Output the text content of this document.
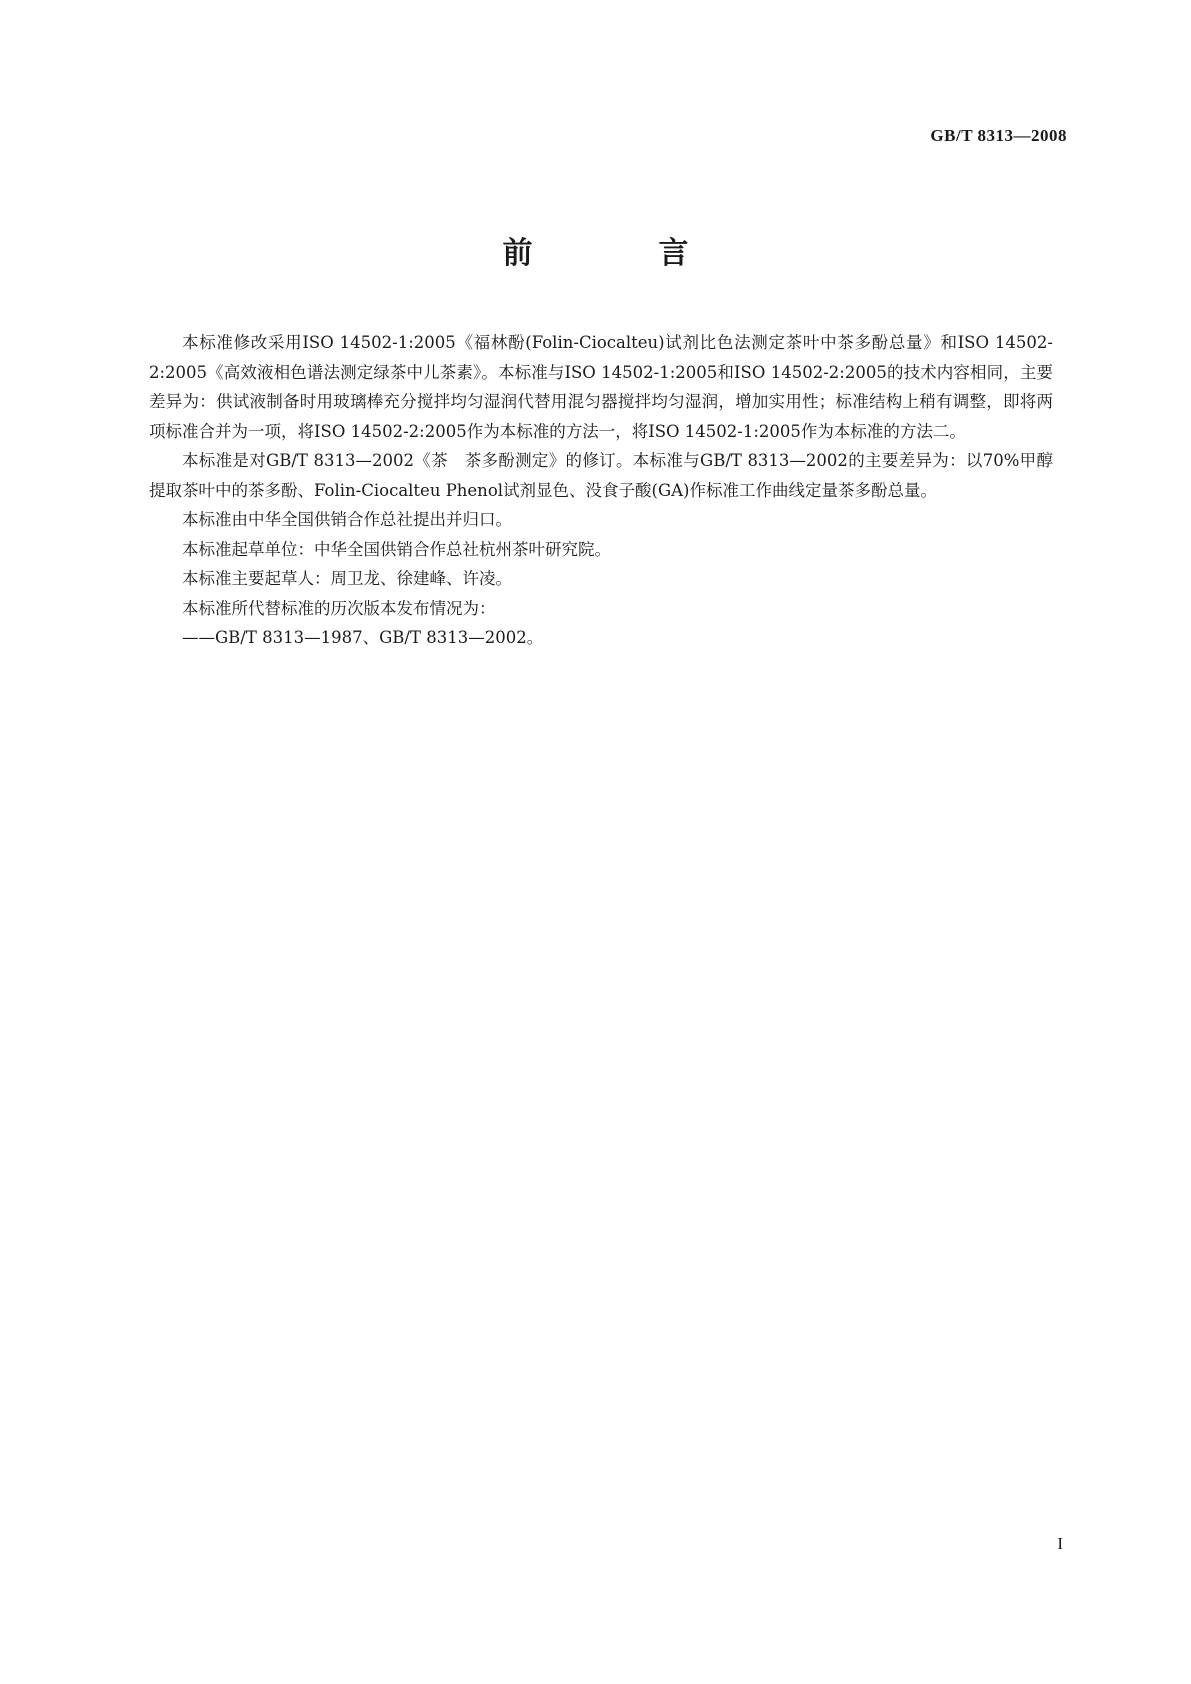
GB/T 8313—2008
前　言

本标准修改采用ISO 14502-1:2005《福林酚(Folin-Ciocalteu)试剂比色法测定茶叶中茶多酚总量》和ISO 14502-2:2005《高效液相色谱法测定绿茶中儿茶素》。本标准与ISO 14502-1:2005和ISO 14502-2:2005的技术内容相同，主要差异为：供试液制备时用玻璃棒充分搅拌均匀湿润代替用混匀器搅拌均匀湿润，增加实用性；标准结构上稍有调整，即将两项标准合并为一项，将ISO 14502-2:2005作为本标准的方法一，将ISO 14502-1:2005作为本标准的方法二。

本标准是对GB/T 8313—2002《茶　茶多酚测定》的修订。本标准与GB/T 8313—2002的主要差异为：以70%甲醇提取茶叶中的茶多酚、Folin-Ciocalteu Phenol试剂显色、没食子酸(GA)作标准工作曲线定量茶多酚总量。

本标准由中华全国供销合作总社提出并归口。

本标准起草单位：中华全国供销合作总社杭州茶叶研究院。

本标准主要起草人：周卫龙、徐建峰、许凌。

本标准所代替标准的历次版本发布情况为：

——GB/T 8313—1987、GB/T 8313—2002。

I
